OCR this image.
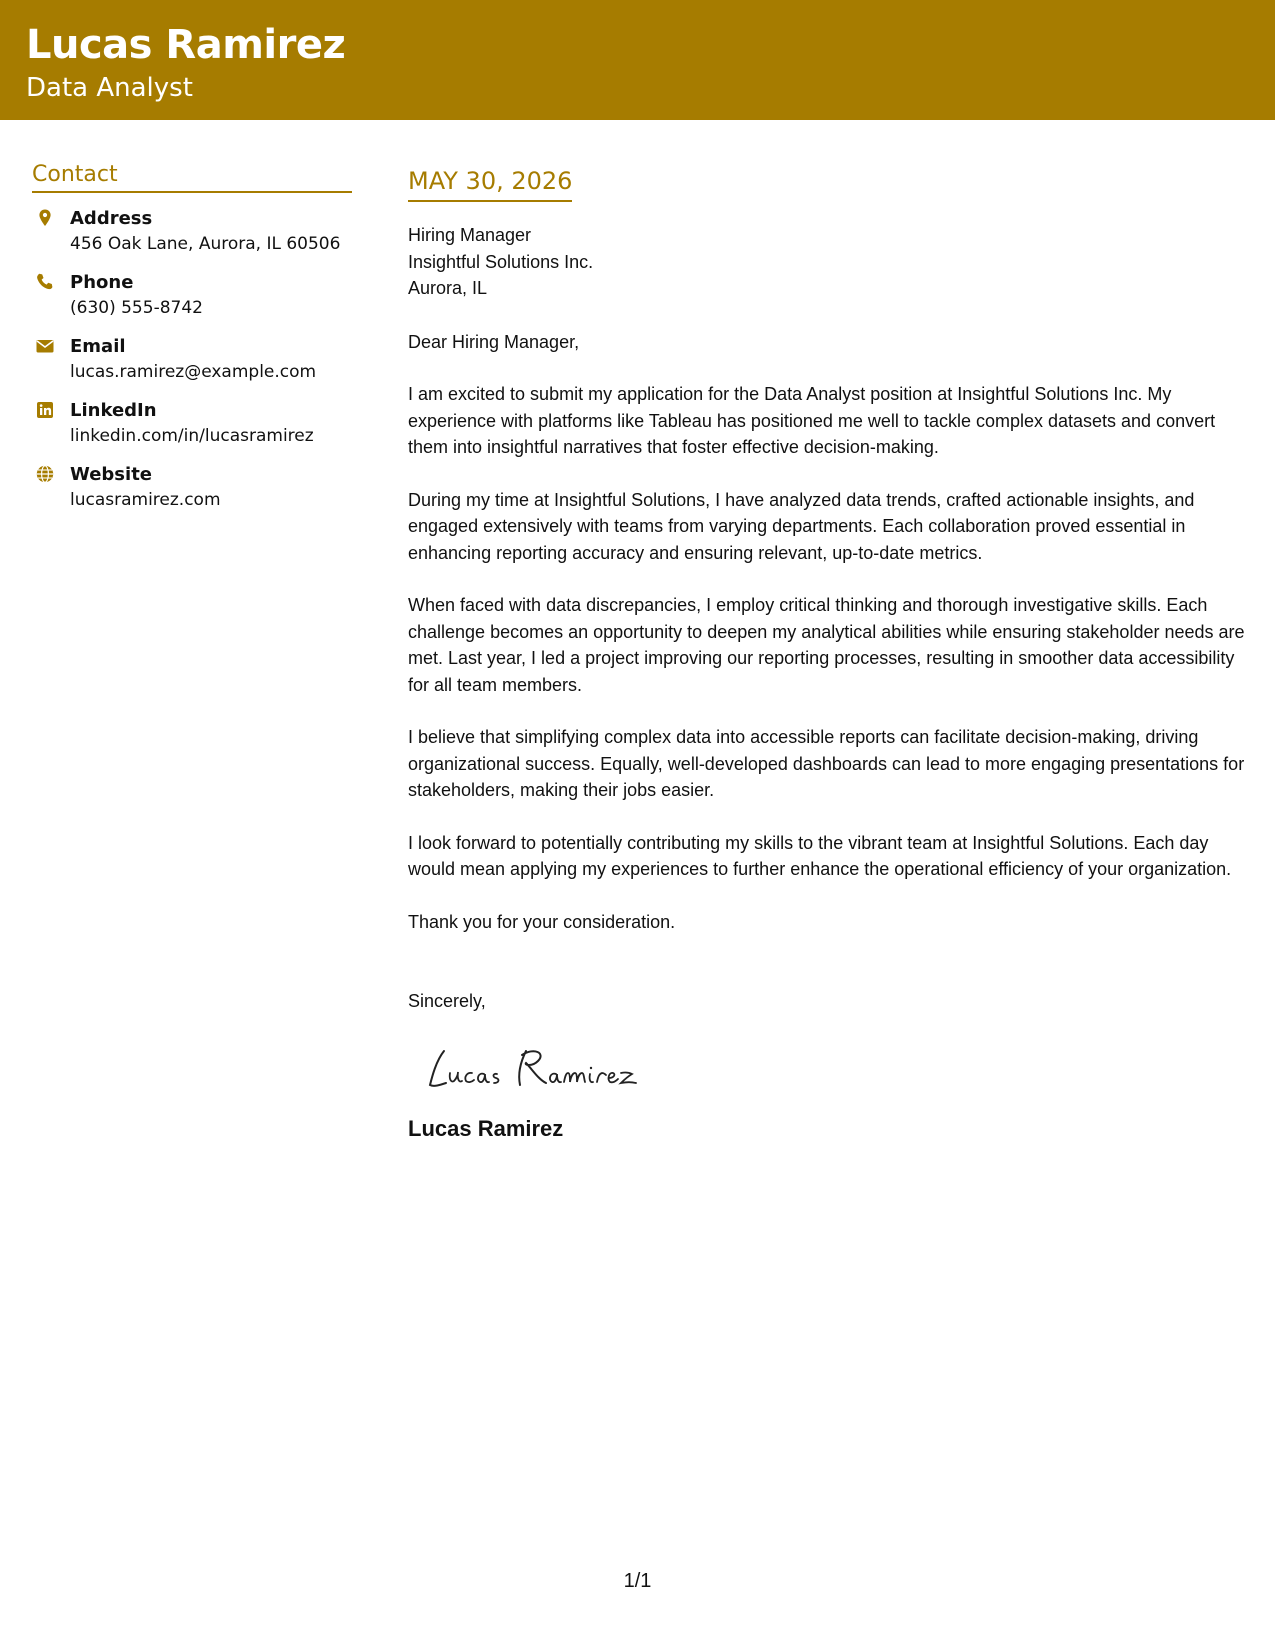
Lucas Ramirez
Data Analyst
Contact
Address
456 Oak Lane, Aurora, IL 60506
Phone
(630) 555-8742
Email
lucas.ramirez@example.com
LinkedIn
linkedin.com/in/lucasramirez
Website
lucasramirez.com
MAY 30, 2026
Hiring Manager
Insightful Solutions Inc.
Aurora, IL
Dear Hiring Manager,

I am excited to submit my application for the Data Analyst position at Insightful Solutions Inc. My experience with platforms like Tableau has positioned me well to tackle complex datasets and convert them into insightful narratives that foster effective decision-making.

During my time at Insightful Solutions, I have analyzed data trends, crafted actionable insights, and engaged extensively with teams from varying departments. Each collaboration proved essential in enhancing reporting accuracy and ensuring relevant, up-to-date metrics.

When faced with data discrepancies, I employ critical thinking and thorough investigative skills. Each challenge becomes an opportunity to deepen my analytical abilities while ensuring stakeholder needs are met. Last year, I led a project improving our reporting processes, resulting in smoother data accessibility for all team members.

I believe that simplifying complex data into accessible reports can facilitate decision-making, driving organizational success. Equally, well-developed dashboards can lead to more engaging presentations for stakeholders, making their jobs easier.

I look forward to potentially contributing my skills to the vibrant team at Insightful Solutions. Each day would mean applying my experiences to further enhance the operational efficiency of your organization.

Thank you for your consideration.

Sincerely,
Lucas Ramirez
1/1
